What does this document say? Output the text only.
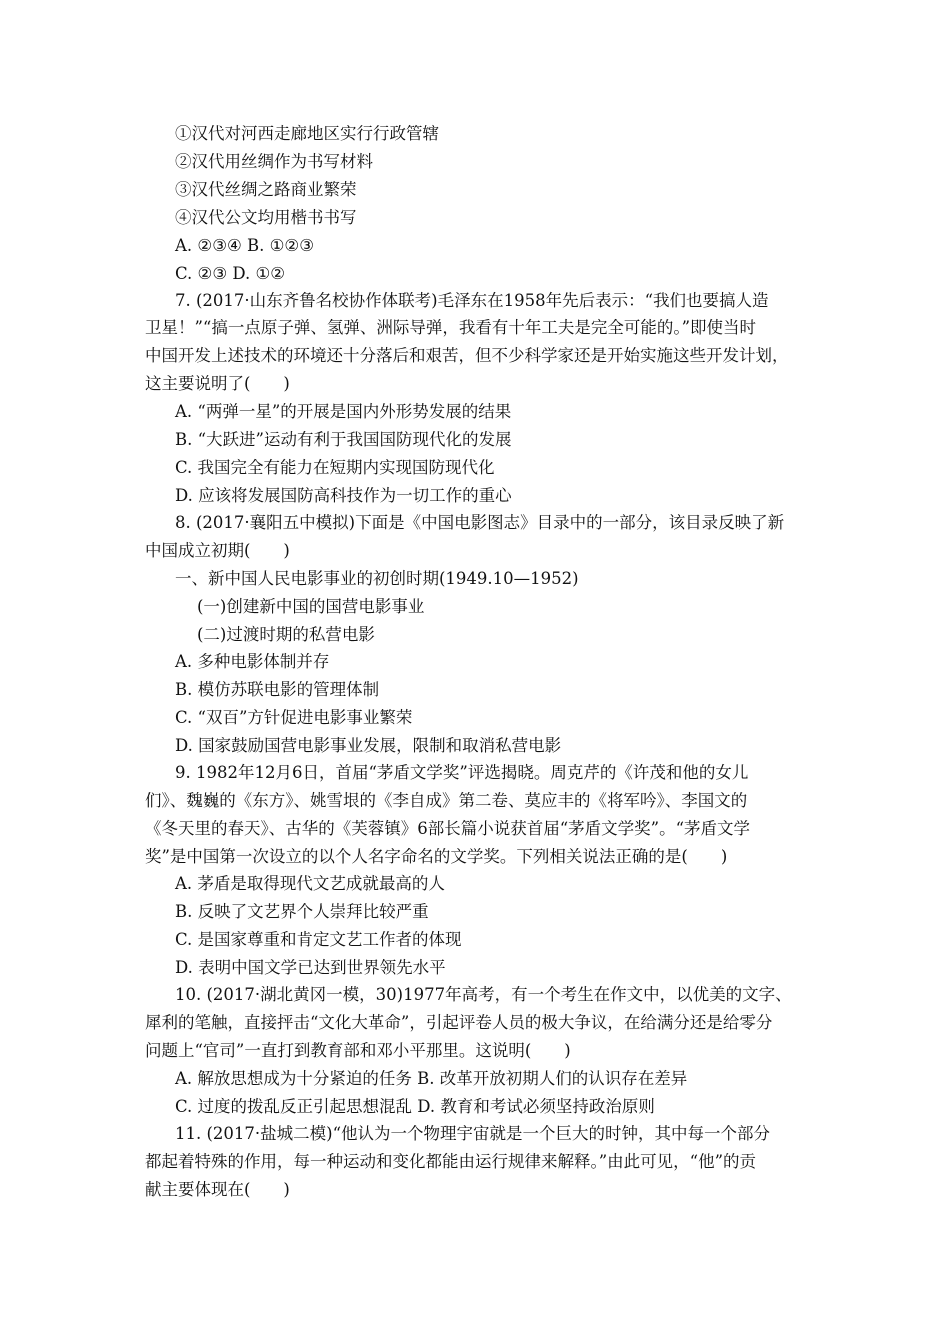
①汉代对河西走廊地区实行行政管辖
②汉代用丝绸作为书写材料
③汉代丝绸之路商业繁荣
④汉代公文均用楷书书写
A. ②③④ B. ①②③
C. ②③ D. ①②
7. (2017·山东齐鲁名校协作体联考)毛泽东在1958年先后表示：“我们也要搞人造
卫星！”“搞一点原子弹、氢弹、洲际导弹，我看有十年工夫是完全可能的。”即使当时
中国开发上述技术的环境还十分落后和艰苦，但不少科学家还是开始实施这些开发计划，
这主要说明了(　　)
A. “两弹一星”的开展是国内外形势发展的结果
B. “大跃进”运动有利于我国国防现代化的发展
C. 我国完全有能力在短期内实现国防现代化
D. 应该将发展国防高科技作为一切工作的重心
8. (2017·襄阳五中模拟)下面是《中国电影图志》目录中的一部分，该目录反映了新
中国成立初期(　　)
一、新中国人民电影事业的初创时期(1949.10—1952)
(一)创建新中国的国营电影事业
(二)过渡时期的私营电影
A. 多种电影体制并存
B. 模仿苏联电影的管理体制
C. “双百”方针促进电影事业繁荣
D. 国家鼓励国营电影事业发展，限制和取消私营电影
9. 1982年12月6日，首届“茅盾文学奖”评选揭晓。周克芹的《许茂和他的女儿
们》、魏巍的《东方》、姚雪垠的《李自成》第二卷、莫应丰的《将军吟》、李国文的
《冬天里的春天》、古华的《芙蓉镇》6部长篇小说获首届“茅盾文学奖”。“茅盾文学
奖”是中国第一次设立的以个人名字命名的文学奖。下列相关说法正确的是(　　)
A. 茅盾是取得现代文艺成就最高的人
B. 反映了文艺界个人崇拜比较严重
C. 是国家尊重和肯定文艺工作者的体现
D. 表明中国文学已达到世界领先水平
10. (2017·湖北黄冈一模，30)1977年高考，有一个考生在作文中，以优美的文字、
犀利的笔触，直接抨击“文化大革命”，引起评卷人员的极大争议，在给满分还是给零分
问题上“官司”一直打到教育部和邓小平那里。这说明(　　)
A. 解放思想成为十分紧迫的任务 B. 改革开放初期人们的认识存在差异
C. 过度的拨乱反正引起思想混乱 D. 教育和考试必须坚持政治原则
11. (2017·盐城二模)“他认为一个物理宇宙就是一个巨大的时钟，其中每一个部分
都起着特殊的作用，每一种运动和变化都能由运行规律来解释。”由此可见，“他”的贡
献主要体现在(　　)
